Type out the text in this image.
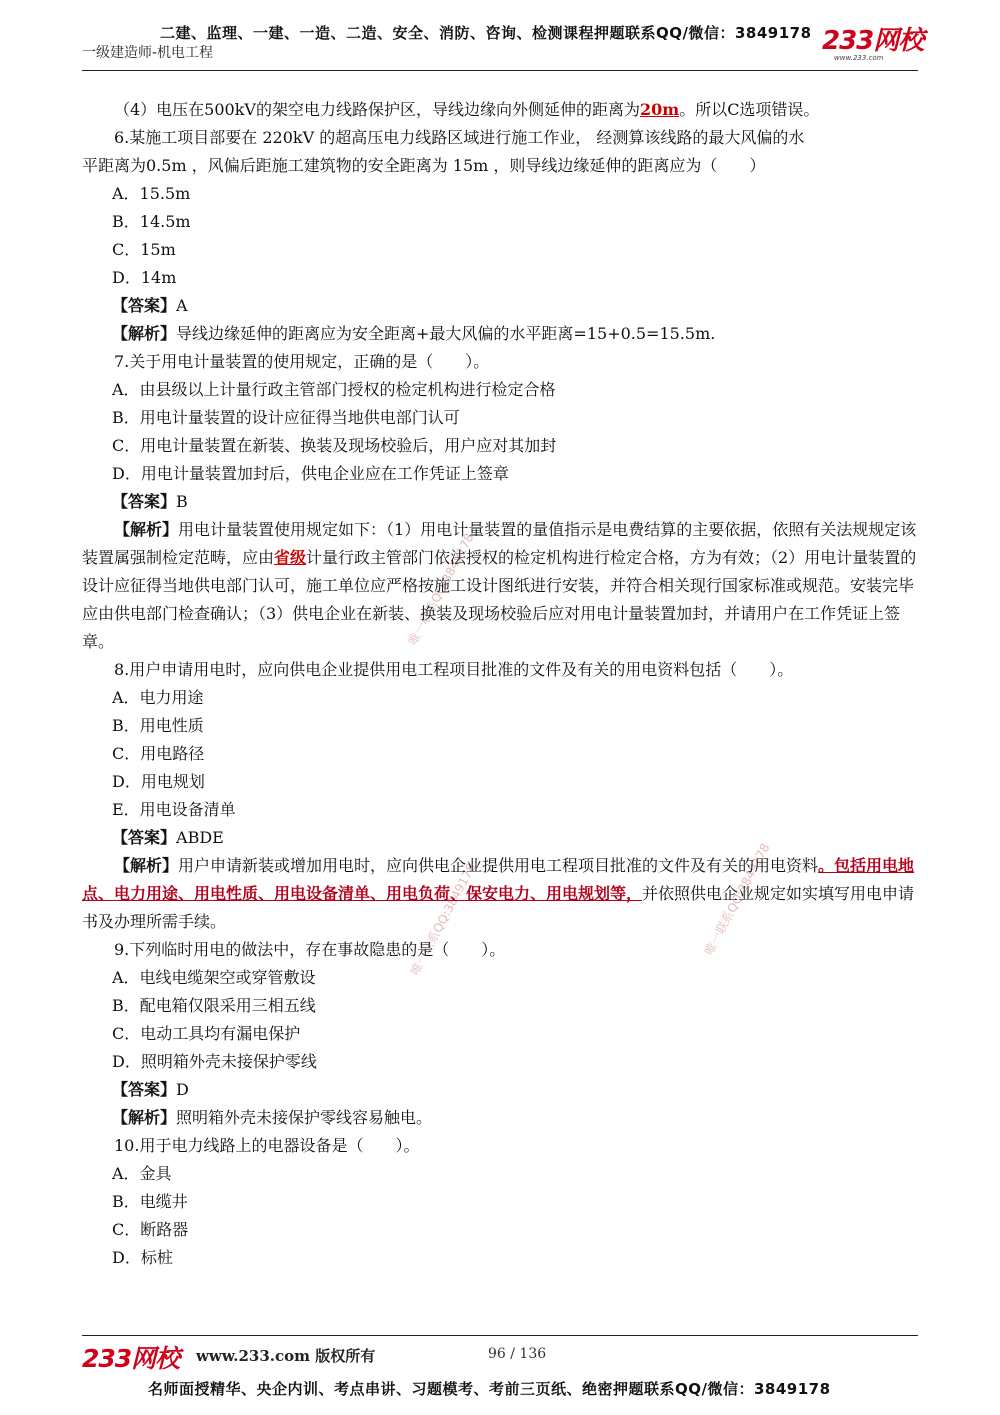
二建、监理、一建、一造、二造、安全、消防、咨询、检测课程押题联系QQ/微信：3849178
一级建造师-机电工程	233网校
www.233.com
唯一联系QQ:3849178
唯一联系QQ:3849178	唯一联系QQ:3849178
（4）电压在500kV的架空电力线路保护区，导线边缘向外侧延伸的距离为20m。所以C选项错误。
6.某施工项目部要在 220kV 的超高压电力线路区域进行施工作业， 经测算该线路的最大风偏的水
平距离为0.5m ，风偏后距施工建筑物的安全距离为 15m ，则导线边缘延伸的距离应为（　　）
A．15.5m
B．14.5m
C．15m
D．14m
【答案】A
【解析】导线边缘延伸的距离应为安全距离+最大风偏的水平距离=15+0.5=15.5m.
7.关于用电计量装置的使用规定，正确的是（　　）。
A．由县级以上计量行政主管部门授权的检定机构进行检定合格
B．用电计量装置的设计应征得当地供电部门认可
C．用电计量装置在新装、换装及现场校验后，用户应对其加封
D．用电计量装置加封后，供电企业应在工作凭证上签章
【答案】B
【解析】用电计量装置使用规定如下：（1）用电计量装置的量值指示是电费结算的主要依据，依照有关法规规定该装置属强制检定范畴，应由省级计量行政主管部门依法授权的检定机构进行检定合格，方为有效；（2）用电计量装置的设计应征得当地供电部门认可，施工单位应严格按施工设计图纸进行安装，并符合相关现行国家标准或规范。安装完毕应由供电部门检查确认；（3）供电企业在新装、换装及现场校验后应对用电计量装置加封，并请用户在工作凭证上签章。
8.用户申请用电时，应向供电企业提供用电工程项目批准的文件及有关的用电资料包括（　　）。
A．电力用途
B．用电性质
C．用电路径
D．用电规划
E．用电设备清单
【答案】ABDE
【解析】用户申请新装或增加用电时，应向供电企业提供用电工程项目批准的文件及有关的用电资料。包括用电地点、电力用途、用电性质、用电设备清单、用电负荷、保安电力、用电规划等，并依照供电企业规定如实填写用电申请书及办理所需手续。
9.下列临时用电的做法中，存在事故隐患的是（　　）。
A．电线电缆架空或穿管敷设
B．配电箱仅限采用三相五线
C．电动工具均有漏电保护
D．照明箱外壳未接保护零线
【答案】D
【解析】照明箱外壳未接保护零线容易触电。
10.用于电力线路上的电器设备是（　　）。
A．金具
B．电缆井
C．断路器
D．标桩
233网校 www.233.com 版权所有	96 / 136
名师面授精华、央企内训、考点串讲、习题模考、考前三页纸、绝密押题联系QQ/微信：3849178
